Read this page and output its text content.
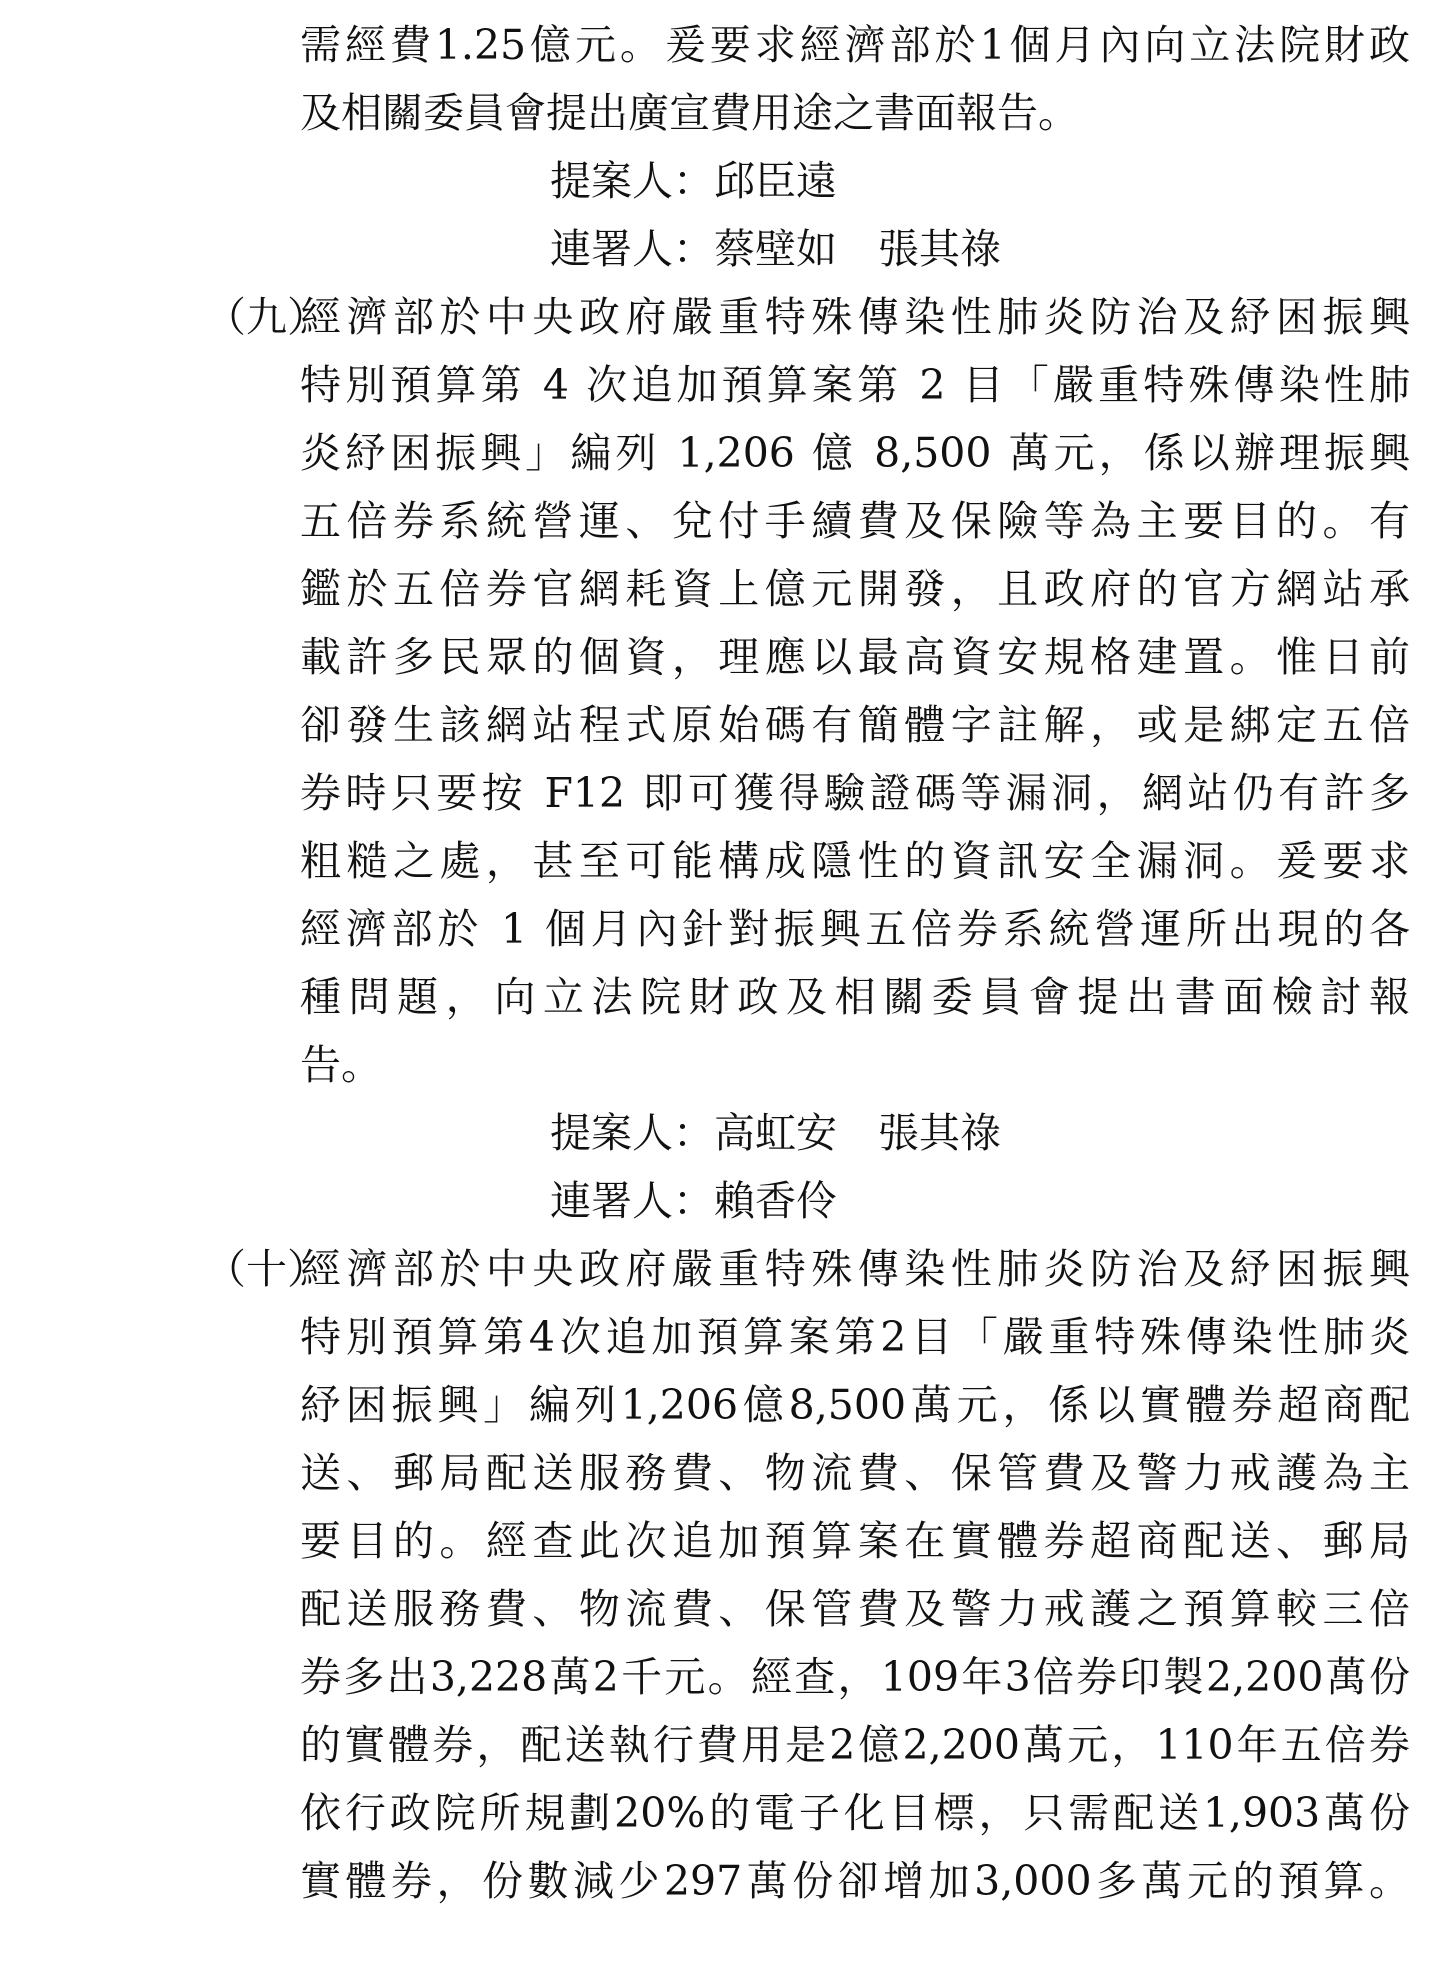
需經費1.25億元。爰要求經濟部於1個月內向立法院財政
及相關委員會提出廣宣費用途之書面報告。
提案人：邱臣遠
連署人：蔡壁如　張其祿
（九）
經濟部於中央政府嚴重特殊傳染性肺炎防治及紓困振興
特別預算第 4 次追加預算案第 2 目「嚴重特殊傳染性肺
炎紓困振興」編列 1,206 億 8,500 萬元，係以辦理振興
五倍券系統營運、兌付手續費及保險等為主要目的。有
鑑於五倍券官網耗資上億元開發，且政府的官方網站承
載許多民眾的個資，理應以最高資安規格建置。惟日前
卻發生該網站程式原始碼有簡體字註解，或是綁定五倍
券時只要按 F12 即可獲得驗證碼等漏洞，網站仍有許多
粗糙之處，甚至可能構成隱性的資訊安全漏洞。爰要求
經濟部於 1 個月內針對振興五倍券系統營運所出現的各
種問題，向立法院財政及相關委員會提出書面檢討報
告。
提案人：高虹安　張其祿
連署人：賴香伶
（十）
經濟部於中央政府嚴重特殊傳染性肺炎防治及紓困振興
特別預算第4次追加預算案第2目「嚴重特殊傳染性肺炎
紓困振興」編列1,206億8,500萬元，係以實體券超商配
送、郵局配送服務費、物流費、保管費及警力戒護為主
要目的。經查此次追加預算案在實體券超商配送、郵局
配送服務費、物流費、保管費及警力戒護之預算較三倍
券多出3,228萬2千元。經查，109年3倍券印製2,200萬份
的實體券，配送執行費用是2億2,200萬元，110年五倍券
依行政院所規劃20%的電子化目標，只需配送1,903萬份
實體券，份數減少297萬份卻增加3,000多萬元的預算。
